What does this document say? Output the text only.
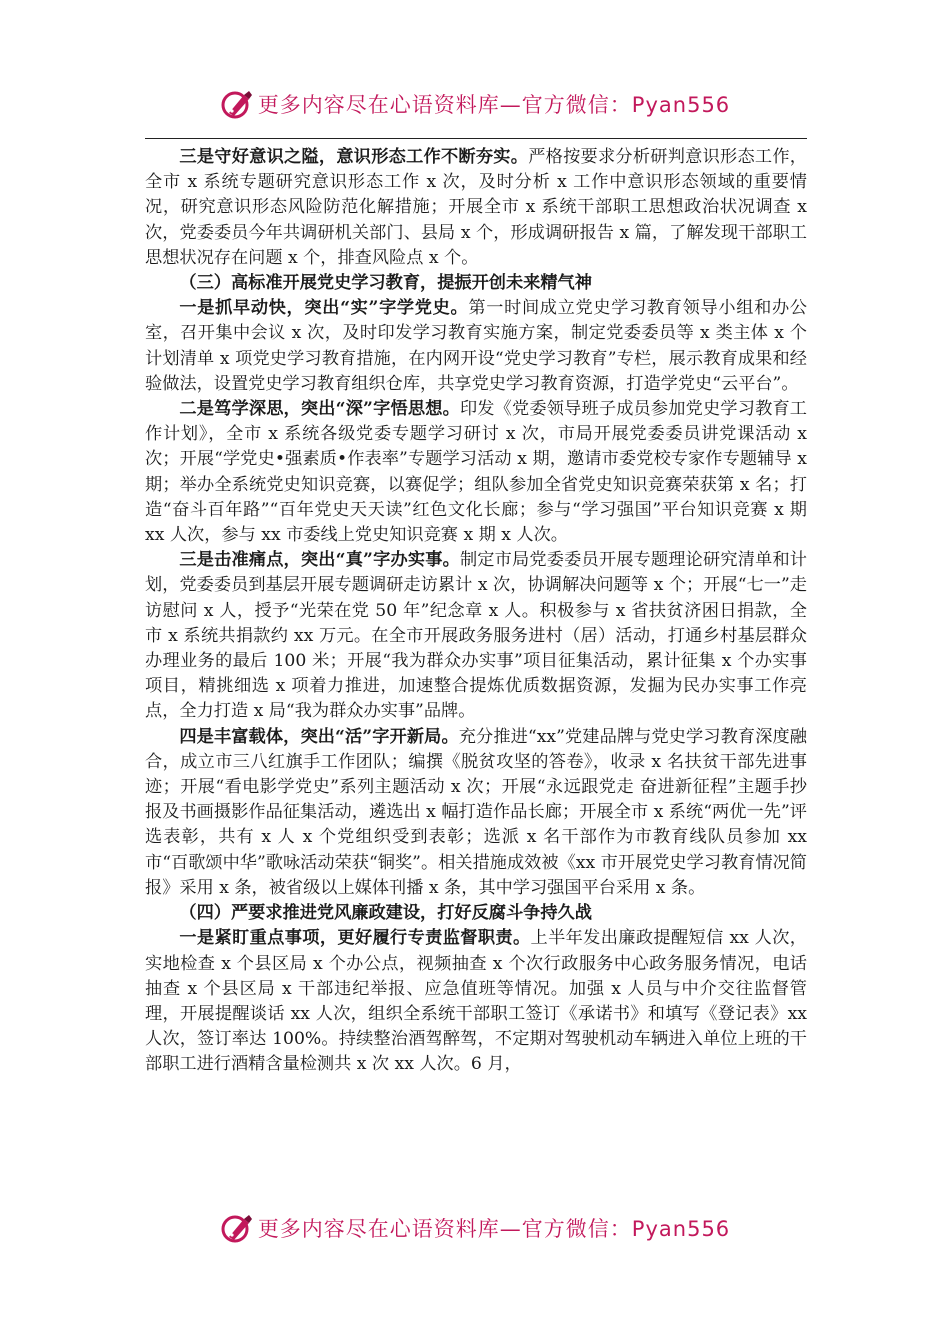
更多内容尽在心语资料库—官方微信：Pyan556

三是守好意识之隘，意识形态工作不断夯实。严格按要求分析研判意识形态工作，全市 x 系统专题研究意识形态工作 x 次，及时分析 x 工作中意识形态领域的重要情况，研究意识形态风险防范化解措施；开展全市 x 系统干部职工思想政治状况调查 x 次，党委委员今年共调研机关部门、县局 x 个，形成调研报告 x 篇，了解发现干部职工思想状况存在问题 x 个，排查风险点 x 个。

（三）高标准开展党史学习教育，提振开创未来精气神

一是抓早动快，突出“实”字学党史。第一时间成立党史学习教育领导小组和办公室，召开集中会议 x 次，及时印发学习教育实施方案，制定党委委员等 x 类主体 x 个计划清单 x 项党史学习教育措施，在内网开设“党史学习教育”专栏，展示教育成果和经验做法，设置党史学习教育组织仓库，共享党史学习教育资源，打造学党史“云平台”。

二是笃学深思，突出“深”字悟思想。印发《党委领导班子成员参加党史学习教育工作计划》，全市 x 系统各级党委专题学习研讨 x 次，市局开展党委委员讲党课活动 x 次；开展“学党史•强素质•作表率”专题学习活动 x 期，邀请市委党校专家作专题辅导 x 期；举办全系统党史知识竞赛，以赛促学；组队参加全省党史知识竞赛荣获第 x 名；打造“奋斗百年路”“百年党史天天读”红色文化长廊；参与“学习强国”平台知识竞赛 x 期 xx 人次，参与 xx 市委线上党史知识竞赛 x 期 x 人次。

三是击准痛点，突出“真”字办实事。制定市局党委委员开展专题理论研究清单和计划，党委委员到基层开展专题调研走访累计 x 次，协调解决问题等 x 个；开展“七一”走访慰问 x 人，授予“光荣在党 50 年”纪念章 x 人。积极参与 x 省扶贫济困日捐款，全市 x 系统共捐款约 xx 万元。在全市开展政务服务进村（居）活动，打通乡村基层群众办理业务的最后 100 米；开展“我为群众办实事”项目征集活动，累计征集 x 个办实事项目，精挑细选 x 项着力推进，加速整合提炼优质数据资源，发掘为民办实事工作亮点，全力打造 x 局“我为群众办实事”品牌。

四是丰富载体，突出“活”字开新局。充分推进“xx”党建品牌与党史学习教育深度融合，成立市三八红旗手工作团队；编撰《脱贫攻坚的答卷》，收录 x 名扶贫干部先进事迹；开展“看电影学党史”系列主题活动 x 次；开展“永远跟党走 奋进新征程”主题手抄报及书画摄影作品征集活动，遴选出 x 幅打造作品长廊；开展全市 x 系统“两优一先”评选表彰，共有 x 人 x 个党组织受到表彰；选派 x 名干部作为市教育线队员参加 xx 市“百歌颂中华”歌咏活动荣获“铜奖”。相关措施成效被《xx 市开展党史学习教育情况简报》采用 x 条，被省级以上媒体刊播 x 条，其中学习强国平台采用 x 条。

（四）严要求推进党风廉政建设，打好反腐斗争持久战

一是紧盯重点事项，更好履行专责监督职责。上半年发出廉政提醒短信 xx 人次，实地检查 x 个县区局 x 个办公点，视频抽查 x 个次行政服务中心政务服务情况，电话抽查 x 个县区局 x 干部违纪举报、应急值班等情况。加强 x 人员与中介交往监督管理，开展提醒谈话 xx 人次，组织全系统干部职工签订《承诺书》和填写《登记表》xx 人次，签订率达 100%。持续整治酒驾醉驾，不定期对驾驶机动车辆进入单位上班的干部职工进行酒精含量检测共 x 次 xx 人次。6 月，

更多内容尽在心语资料库—官方微信：Pyan556
